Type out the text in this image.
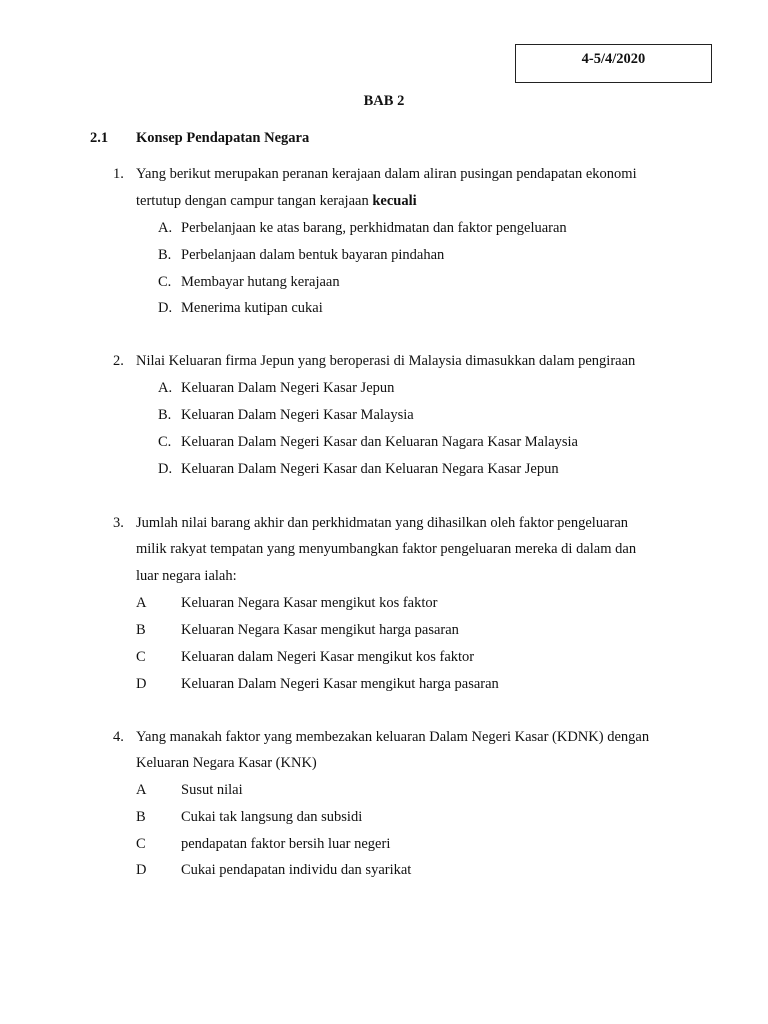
4-5/4/2020
BAB 2
2.1 Konsep Pendapatan Negara
1. Yang berikut merupakan peranan kerajaan dalam aliran pusingan pendapatan ekonomi
tertutup dengan campur tangan kerajaan kecuali
A. Perbelanjaan ke atas barang, perkhidmatan dan faktor pengeluaran
B. Perbelanjaan dalam bentuk bayaran pindahan
C. Membayar hutang kerajaan
D. Menerima kutipan cukai
2. Nilai Keluaran firma Jepun yang beroperasi di Malaysia dimasukkan dalam pengiraan
A. Keluaran Dalam Negeri Kasar Jepun
B. Keluaran Dalam Negeri Kasar Malaysia
C. Keluaran Dalam Negeri Kasar dan Keluaran Nagara Kasar Malaysia
D. Keluaran Dalam Negeri Kasar dan Keluaran Negara Kasar Jepun
3. Jumlah nilai barang akhir dan perkhidmatan yang dihasilkan oleh faktor pengeluaran
milik rakyat tempatan yang menyumbangkan faktor pengeluaran mereka di dalam dan
luar negara ialah:
A Keluaran Negara Kasar mengikut kos faktor
B Keluaran Negara Kasar mengikut harga pasaran
C Keluaran dalam Negeri Kasar mengikut kos faktor
D Keluaran Dalam Negeri Kasar mengikut harga pasaran
4. Yang manakah faktor yang membezakan keluaran Dalam Negeri Kasar (KDNK) dengan
Keluaran Negara Kasar (KNK)
A Susut nilai
B Cukai tak langsung dan subsidi
C pendapatan faktor bersih luar negeri
D Cukai pendapatan individu dan syarikat
